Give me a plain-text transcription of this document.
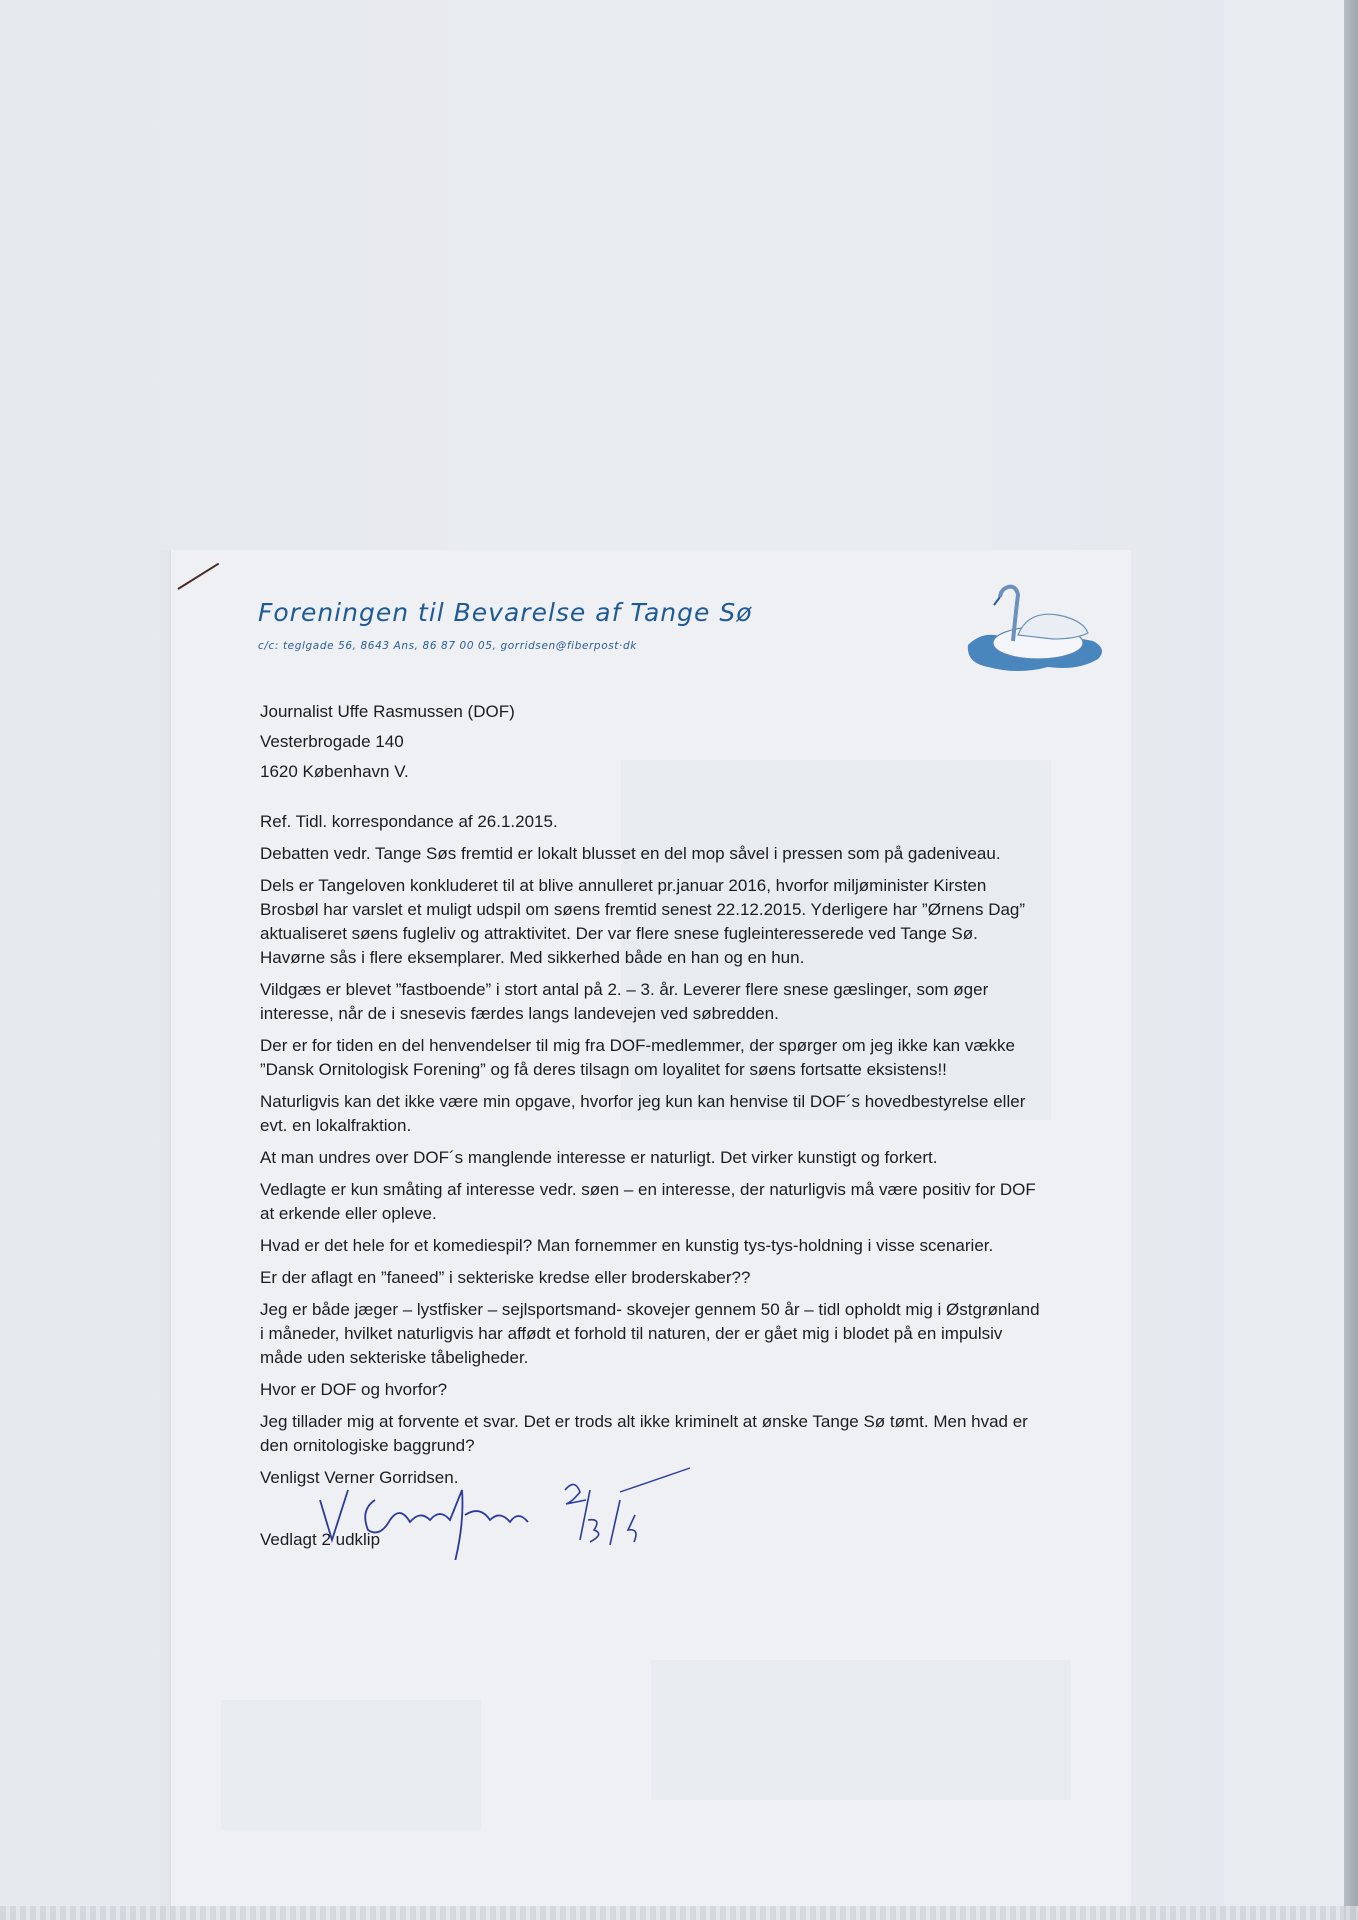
Foreningen til Bevarelse af Tange Sø
c/c: teglgade 56, 8643 Ans, 86 87 00 05, gorridsen@fiberpost·dk

Journalist Uffe Rasmussen (DOF)

Vesterbrogade 140

1620 København V.

Ref. Tidl. korrespondance af 26.1.2015.

Debatten vedr. Tange Søs fremtid er lokalt blusset en del mop såvel i pressen som på gadeniveau.

Dels er Tangeloven konkluderet til at blive annulleret pr.januar 2016, hvorfor miljøminister Kirsten Brosbøl har varslet et muligt udspil om søens fremtid senest 22.12.2015. Yderligere har ”Ørnens Dag” aktualiseret søens fugleliv og attraktivitet. Der var flere snese fugleinteresserede ved Tange Sø. Havørne sås i flere eksemplarer. Med sikkerhed både en han og en hun.

Vildgæs er blevet ”fastboende” i stort antal på 2. – 3. år. Leverer flere snese gæslinger, som øger interesse, når de i snesevis færdes langs landevejen ved søbredden.

Der er for tiden en del henvendelser til mig fra DOF-medlemmer, der spørger om jeg ikke kan vække ”Dansk Ornitologisk Forening” og få deres tilsagn om loyalitet for søens fortsatte eksistens!!

Naturligvis kan det ikke være min opgave, hvorfor jeg kun kan henvise til DOF´s hovedbestyrelse eller evt. en lokalfraktion.

At man undres over DOF´s manglende interesse er naturligt. Det virker kunstigt og forkert.

Vedlagte er kun småting af interesse vedr. søen – en interesse, der naturligvis må være positiv for DOF at erkende eller opleve.

Hvad er det hele for et komediespil? Man fornemmer en kunstig tys-tys-holdning i visse scenarier.

Er der aflagt en ”faneed” i sekteriske kredse eller broderskaber??

Jeg er både jæger – lystfisker – sejlsportsmand- skovejer gennem 50 år – tidl opholdt mig i Østgrønland i måneder, hvilket naturligvis har affødt et forhold til naturen, der er gået mig i blodet på en impulsiv måde uden sekteriske tåbeligheder.

Hvor er DOF og hvorfor?

Jeg tillader mig at forvente et svar. Det er trods alt ikke kriminelt at ønske Tange Sø tømt. Men hvad er den ornitologiske baggrund?

Venligst Verner Gorridsen.
Vedlagt 2 udklip
